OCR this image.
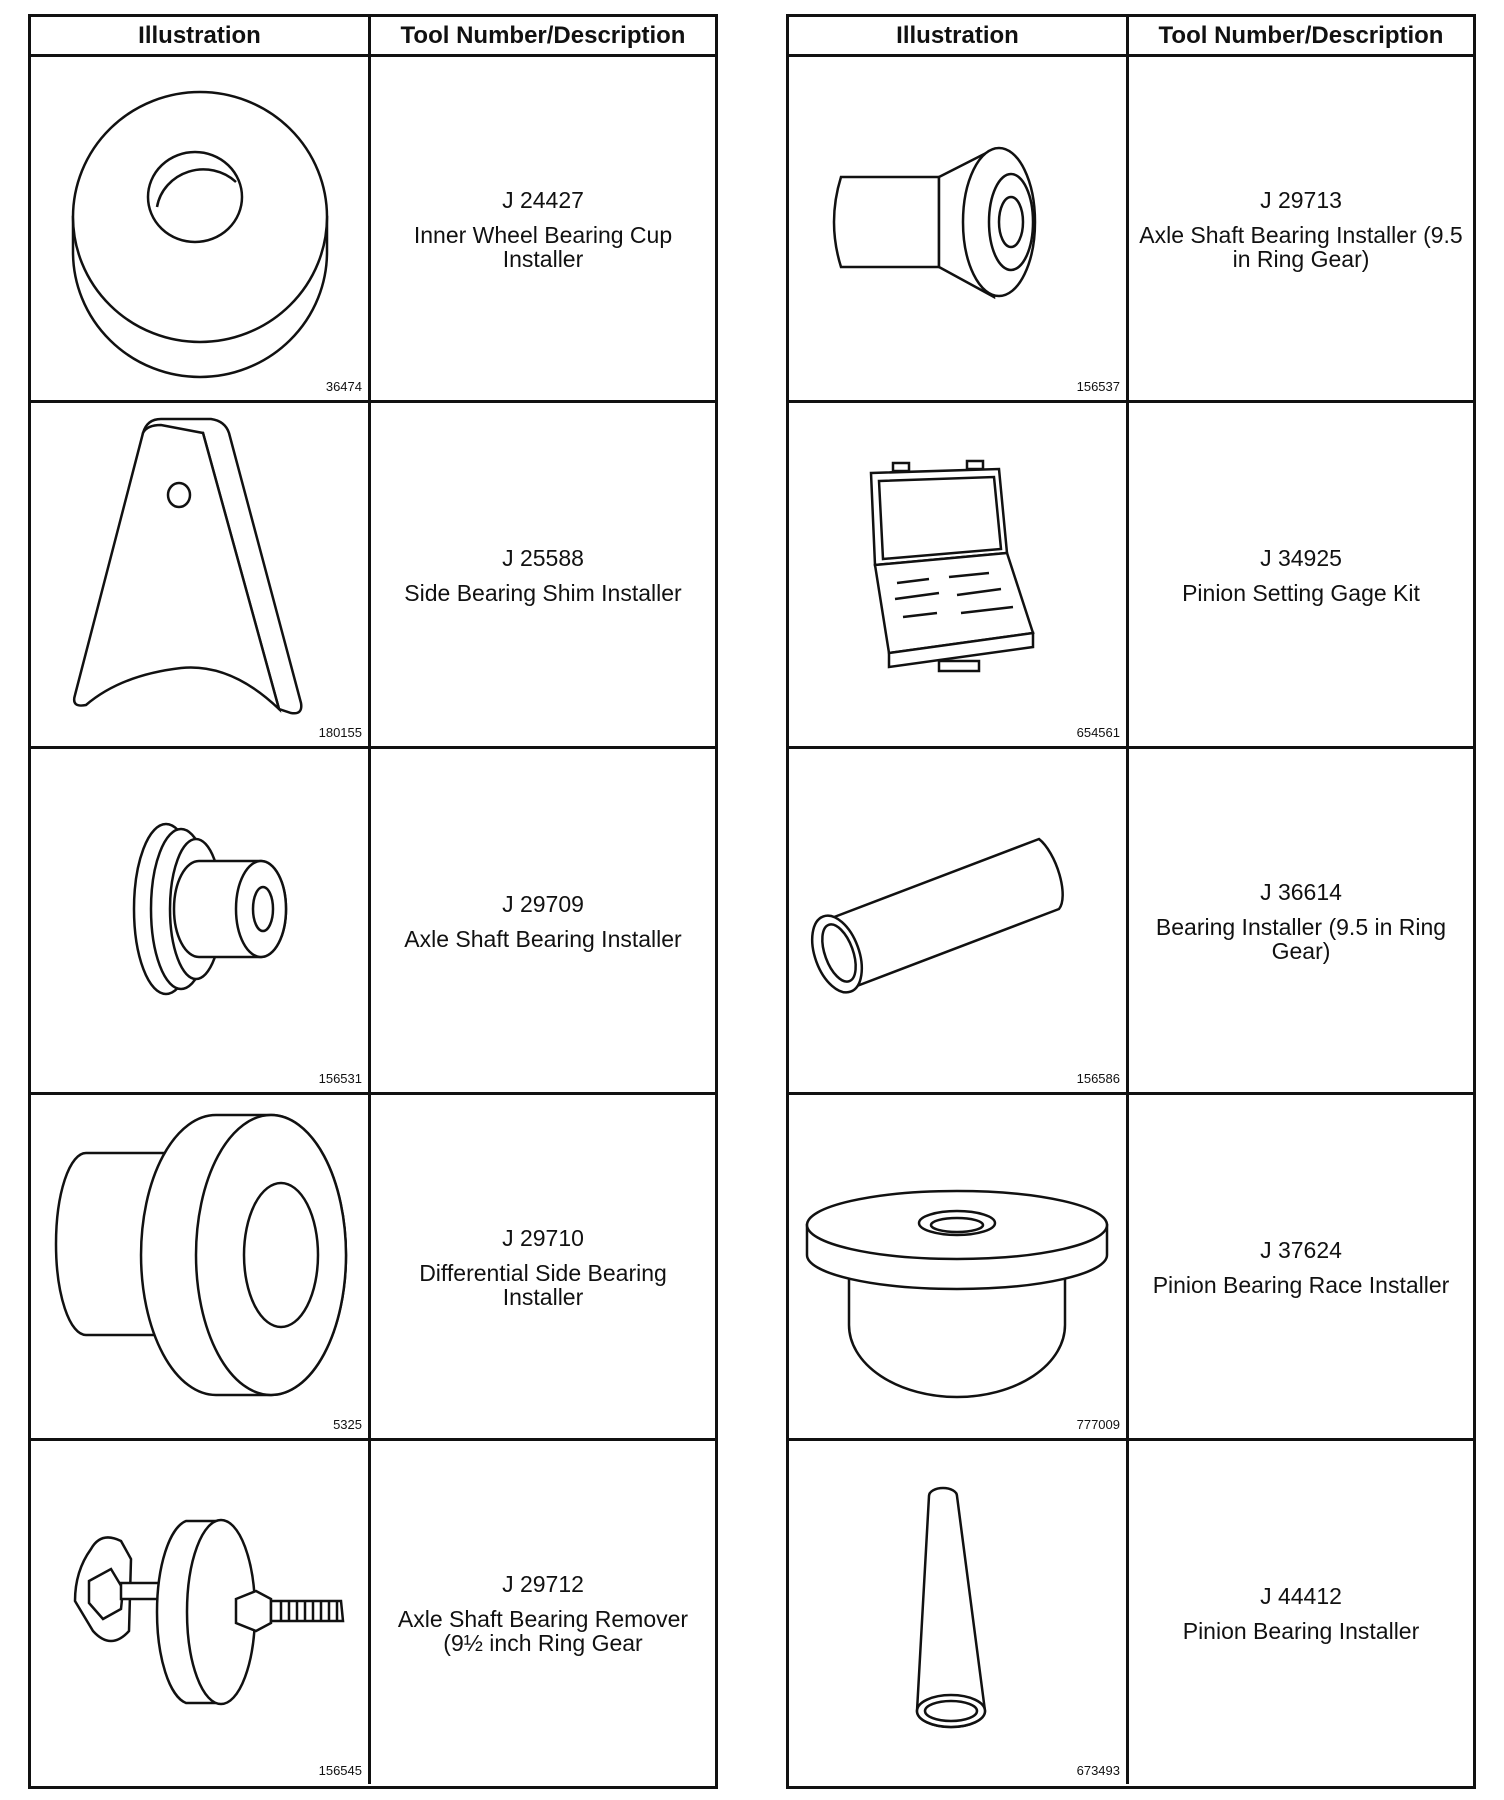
Illustration	Tool Number/Description
36474
J 24427
Inner Wheel Bearing Cup Installer
180155
J 25588
Side Bearing Shim Installer
156531
J 29709
Axle Shaft Bearing Installer
5325
J 29710
Differential Side Bearing Installer
156545
J 29712
Axle Shaft Bearing Remover (9½ inch Ring Gear
Illustration	Tool Number/Description
156537
J 29713
Axle Shaft Bearing Installer (9.5 in Ring Gear)
654561
J 34925
Pinion Setting Gage Kit
156586
J 36614
Bearing Installer (9.5 in Ring Gear)
777009
J 37624
Pinion Bearing Race Installer
673493
J 44412
Pinion Bearing Installer
